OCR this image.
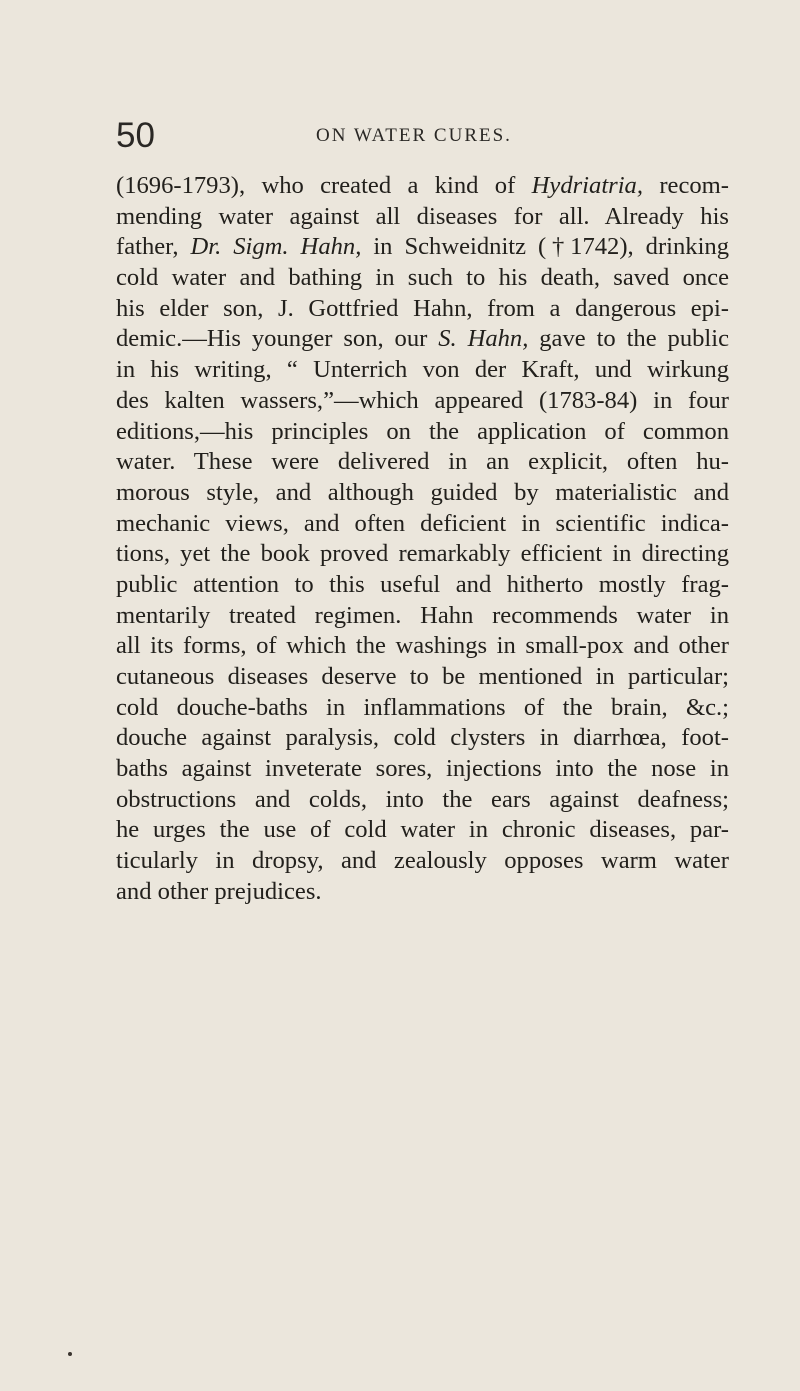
50	ON WATER CURES.
(1696-1793), who created a kind of Hydriatria, recom-
mending water against all diseases for all. Already his
father, Dr. Sigm. Hahn, in Schweidnitz (†1742), drinking
cold water and bathing in such to his death, saved once
his elder son, J. Gottfried Hahn, from a dangerous epi-
demic.—His younger son, our S. Hahn, gave to the public
in his writing, “ Unterrich von der Kraft, und wirkung
des kalten wassers,”—which appeared (1783-84) in four
editions,—his principles on the application of common
water. These were delivered in an explicit, often hu-
morous style, and although guided by materialistic and
mechanic views, and often deficient in scientific indica-
tions, yet the book proved remarkably efficient in directing
public attention to this useful and hitherto mostly frag-
mentarily treated regimen. Hahn recommends water in
all its forms, of which the washings in small-pox and other
cutaneous diseases deserve to be mentioned in particular;
cold douche-baths in inflammations of the brain, &c.;
douche against paralysis, cold clysters in diarrhœa, foot-
baths against inveterate sores, injections into the nose in
obstructions and colds, into the ears against deafness;
he urges the use of cold water in chronic diseases, par-
ticularly in dropsy, and zealously opposes warm water
and other prejudices.
